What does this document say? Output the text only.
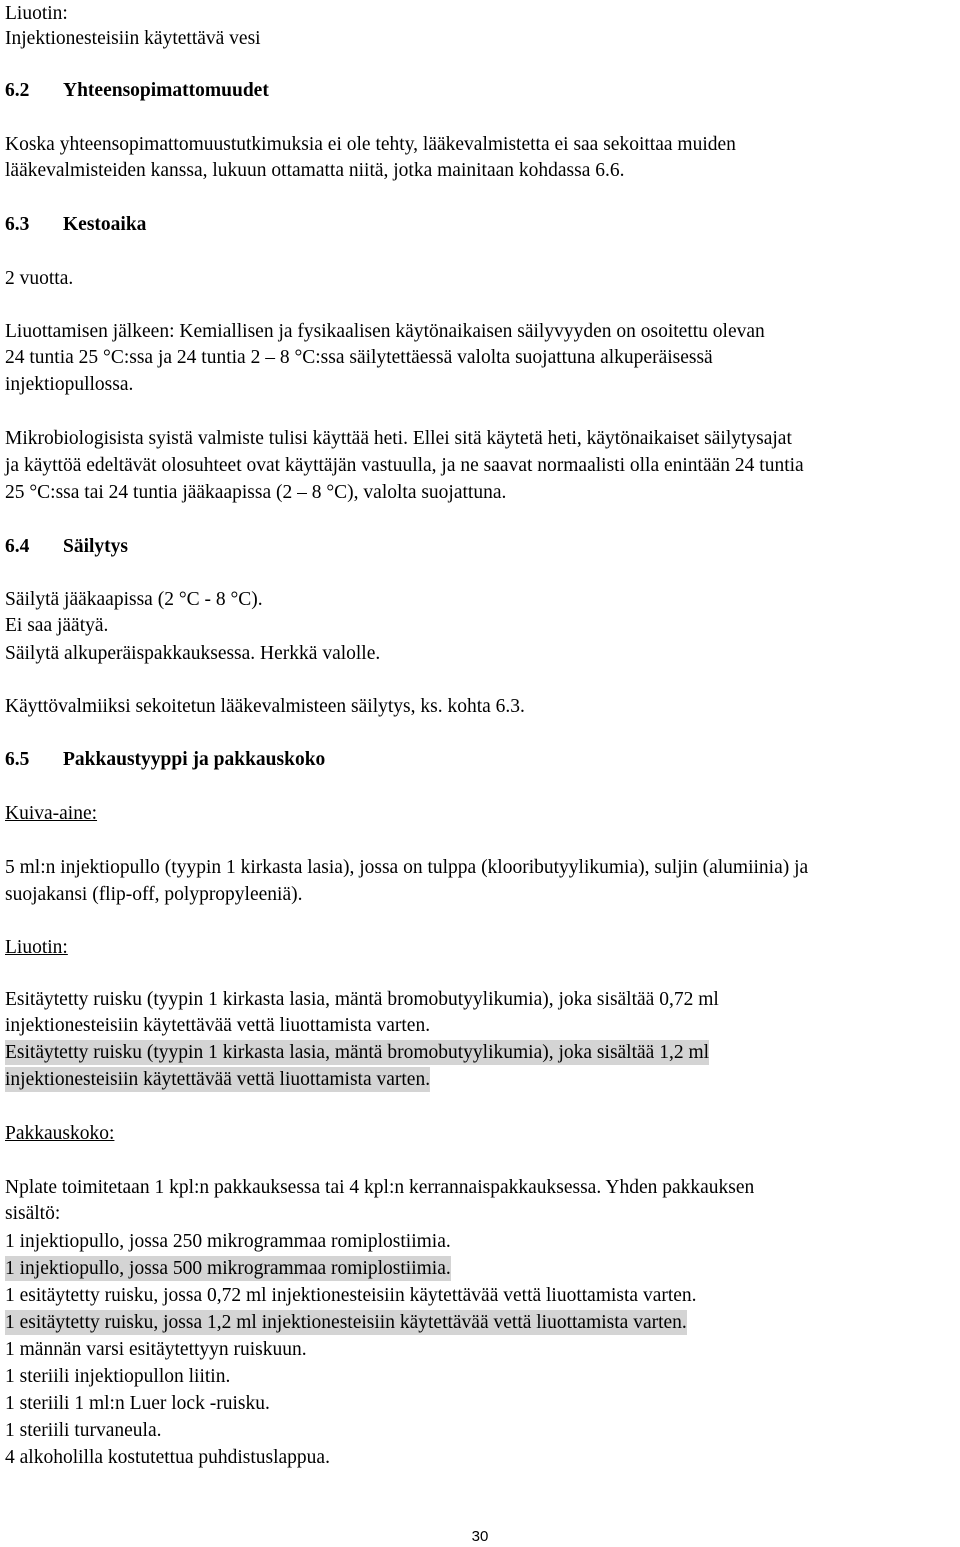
Liuotin:
Injektionesteisiin käytettävä vesi
6.2 Yhteensopimattomuudet
Koska yhteensopimattomuustutkimuksia ei ole tehty, lääkevalmistetta ei saa sekoittaa muiden
lääkevalmisteiden kanssa, lukuun ottamatta niitä, jotka mainitaan kohdassa 6.6.
6.3 Kestoaika
2 vuotta.
Liuottamisen jälkeen: Kemiallisen ja fysikaalisen käytönaikaisen säilyvyyden on osoitettu olevan
24 tuntia 25 °C:ssa ja 24 tuntia 2 – 8 °C:ssa säilytettäessä valolta suojattuna alkuperäisessä
injektiopullossa.
Mikrobiologisista syistä valmiste tulisi käyttää heti. Ellei sitä käytetä heti, käytönaikaiset säilytysajat
ja käyttöä edeltävät olosuhteet ovat käyttäjän vastuulla, ja ne saavat normaalisti olla enintään 24 tuntia
25 °C:ssa tai 24 tuntia jääkaapissa (2 – 8 °C), valolta suojattuna.
6.4 Säilytys
Säilytä jääkaapissa (2 °C - 8 °C).
Ei saa jäätyä.
Säilytä alkuperäispakkauksessa. Herkkä valolle.
Käyttövalmiiksi sekoitetun lääkevalmisteen säilytys, ks. kohta 6.3.
6.5 Pakkaustyyppi ja pakkauskoko
Kuiva-aine:
5 ml:n injektiopullo (tyypin 1 kirkasta lasia), jossa on tulppa (klooributyylikumia), suljin (alumiinia) ja
suojakansi (flip-off, polypropyleeniä).
Liuotin:
Esitäytetty ruisku (tyypin 1 kirkasta lasia, mäntä bromobutyylikumia), joka sisältää 0,72 ml
injektionesteisiin käytettävää vettä liuottamista varten.
Esitäytetty ruisku (tyypin 1 kirkasta lasia, mäntä bromobutyylikumia), joka sisältää 1,2 ml
injektionesteisiin käytettävää vettä liuottamista varten.
Pakkauskoko:
Nplate toimitetaan 1 kpl:n pakkauksessa tai 4 kpl:n kerrannaispakkauksessa. Yhden pakkauksen
sisältö:
1 injektiopullo, jossa 250 mikrogrammaa romiplostiimia.
1 injektiopullo, jossa 500 mikrogrammaa romiplostiimia.
1 esitäytetty ruisku, jossa 0,72 ml injektionesteisiin käytettävää vettä liuottamista varten.
1 esitäytetty ruisku, jossa 1,2 ml injektionesteisiin käytettävää vettä liuottamista varten.
1 männän varsi esitäytettyyn ruiskuun.
1 steriili injektiopullon liitin.
1 steriili 1 ml:n Luer lock -ruisku.
1 steriili turvaneula.
4 alkoholilla kostutettua puhdistuslappua.
30
